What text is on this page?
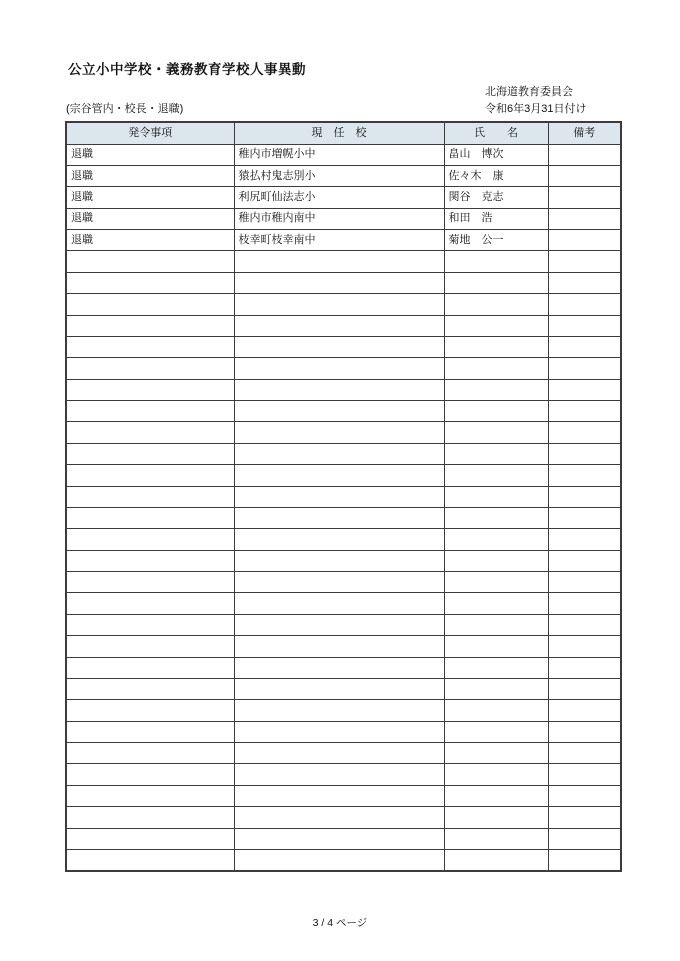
公立小中学校・義務教育学校人事異動
北海道教育委員会
(宗谷管内・校長・退職)	令和6年3月31日付け
発令事項	現　任　校	氏　　名	備考
退職	稚内市増幌小中	畠山　博次	
退職	猿払村鬼志別小	佐々木　康	
退職	利尻町仙法志小	関谷　克志	
退職	稚内市稚内南中	和田　浩	
退職	枝幸町枝幸南中	菊地　公一	

3 / 4 ページ
